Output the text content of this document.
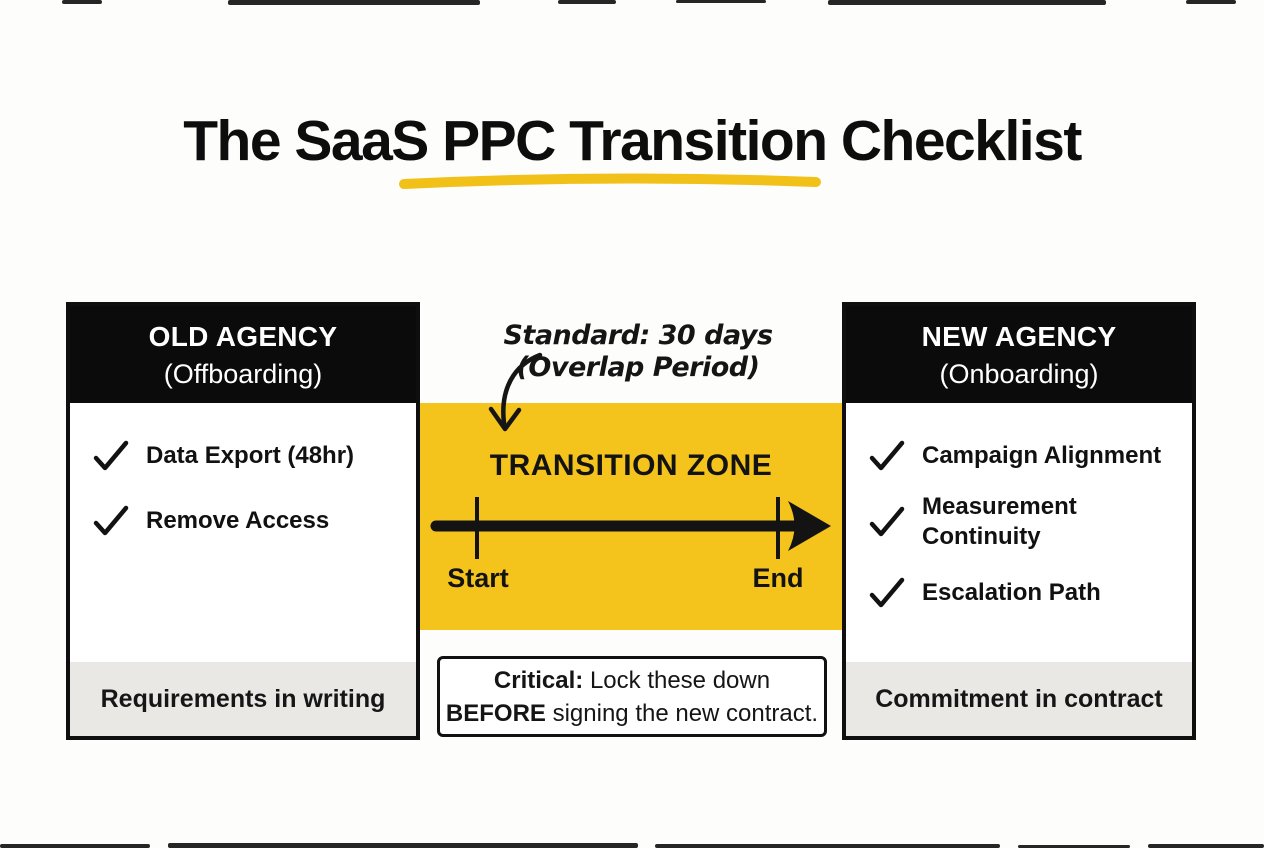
The SaaS PPC Transition Checklist
OLD AGENCY
(Offboarding)
Data Export (48hr)
Remove Access
Requirements in writing
TRANSITION ZONE
Start	End
Standard: 30 days
(Overlap Period)
Critical: Lock these down
BEFORE signing the new contract.
NEW AGENCY
(Onboarding)
Campaign Alignment
Measurement Continuity
Escalation Path
Commitment in contract
